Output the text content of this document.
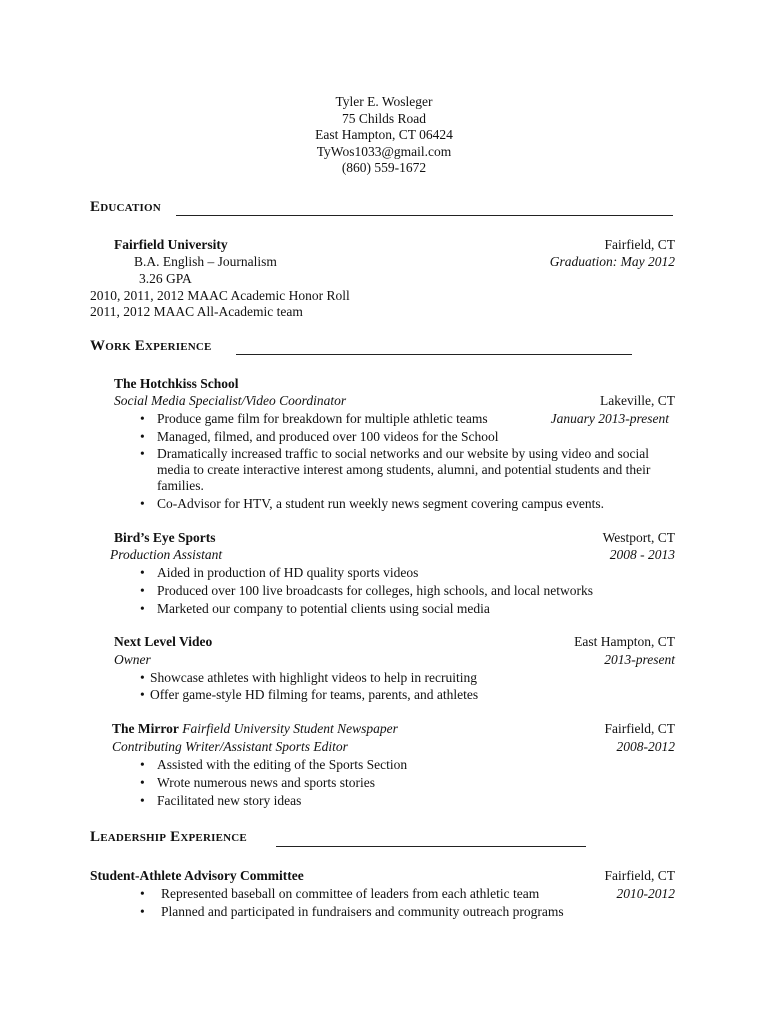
Tyler E. Wosleger
75 Childs Road
East Hampton, CT 06424
TyWos1033@gmail.com
(860) 559-1672
Education
Fairfield University	Fairfield, CT
B.A. English – Journalism	Graduation: May 2012
3.26 GPA
2010, 2011, 2012 MAAC Academic Honor Roll
2011, 2012 MAAC All-Academic team
Work Experience
The Hotchkiss School
Social Media Specialist/Video Coordinator	Lakeville, CT
• Produce game film for breakdown for multiple athletic teams	January 2013-present
• Managed, filmed, and produced over 100 videos for the School
• Dramatically increased traffic to social networks and our website by using video and social
media to create interactive interest among students, alumni, and potential students and their
families.
• Co-Advisor for HTV, a student run weekly news segment covering campus events.
Bird’s Eye Sports	Westport, CT
Production Assistant	2008 - 2013
• Aided in production of HD quality sports videos
• Produced over 100 live broadcasts for colleges, high schools, and local networks
• Marketed our company to potential clients using social media
Next Level Video	East Hampton, CT
Owner	2013-present
• Showcase athletes with highlight videos to help in recruiting
• Offer game-style HD filming for teams, parents, and athletes
The Mirror Fairfield University Student Newspaper	Fairfield, CT
Contributing Writer/Assistant Sports Editor	2008-2012
• Assisted with the editing of the Sports Section
• Wrote numerous news and sports stories
• Facilitated new story ideas
Leadership Experience
Student-Athlete Advisory Committee	Fairfield, CT
• Represented baseball on committee of leaders from each athletic team	2010-2012
• Planned and participated in fundraisers and community outreach programs
